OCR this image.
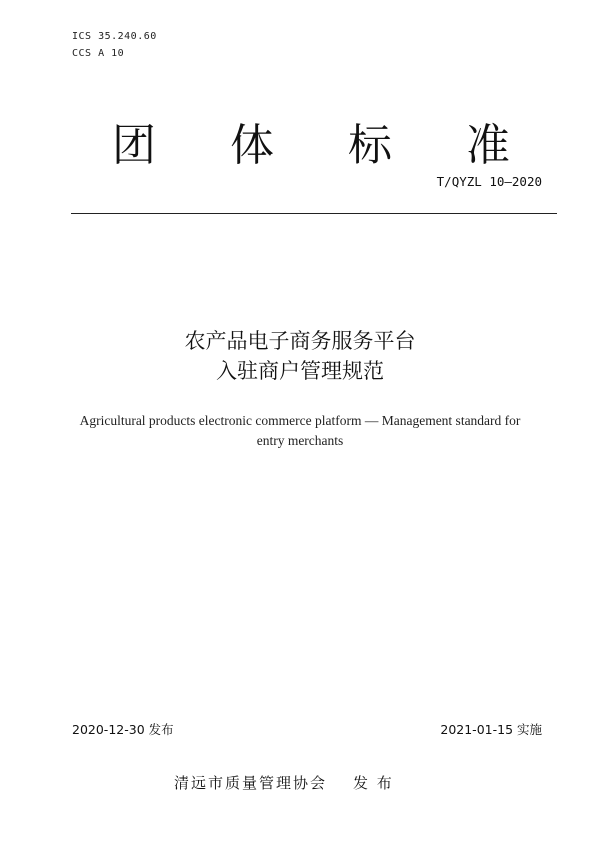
ICS 35.240.60
CCS A 10
团 体 标 准
T/QYZL 10—2020
农产品电子商务服务平台
入驻商户管理规范
Agricultural products electronic commerce platform — Management standard for
entry merchants
2020-12-30 发布	2021-01-15 实施
清远市质量管理协会 发 布
